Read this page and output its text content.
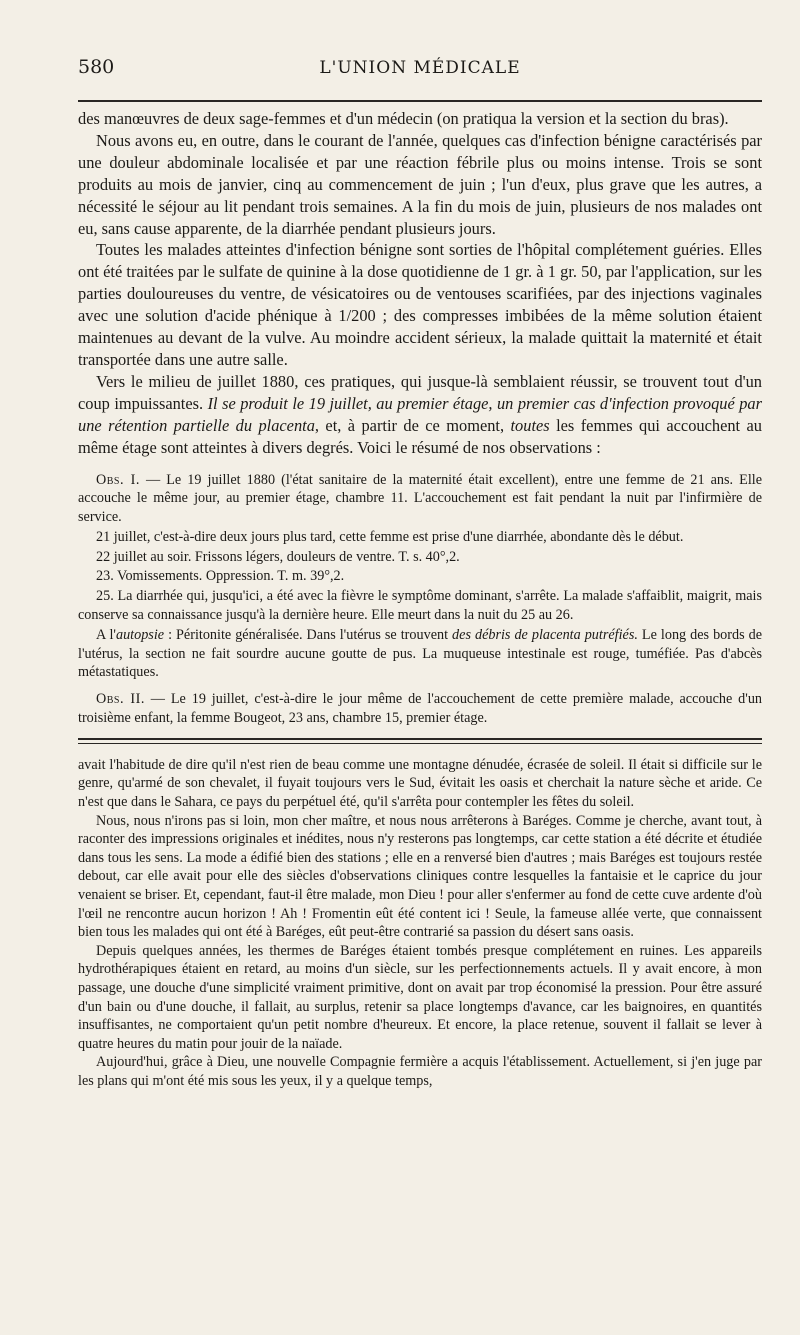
580	L'UNION MÉDICALE

des manœuvres de deux sage-femmes et d'un médecin (on pratiqua la version et la section du bras).

Nous avons eu, en outre, dans le courant de l'année, quelques cas d'infection bénigne caractérisés par une douleur abdominale localisée et par une réaction fébrile plus ou moins intense. Trois se sont produits au mois de janvier, cinq au commencement de juin ; l'un d'eux, plus grave que les autres, a nécessité le séjour au lit pendant trois semaines. A la fin du mois de juin, plusieurs de nos malades ont eu, sans cause apparente, de la diarrhée pendant plusieurs jours.

Toutes les malades atteintes d'infection bénigne sont sorties de l'hôpital complétement guéries. Elles ont été traitées par le sulfate de quinine à la dose quotidienne de 1 gr. à 1 gr. 50, par l'application, sur les parties douloureuses du ventre, de vésicatoires ou de ventouses scarifiées, par des injections vaginales avec une solution d'acide phénique à 1/200 ; des compresses imbibées de la même solution étaient maintenues au devant de la vulve. Au moindre accident sérieux, la malade quittait la maternité et était transportée dans une autre salle.

Vers le milieu de juillet 1880, ces pratiques, qui jusque-là semblaient réussir, se trouvent tout d'un coup impuissantes. Il se produit le 19 juillet, au premier étage, un premier cas d'infection provoqué par une rétention partielle du placenta, et, à partir de ce moment, toutes les femmes qui accouchent au même étage sont atteintes à divers degrés. Voici le résumé de nos observations :

Obs. I. — Le 19 juillet 1880 (l'état sanitaire de la maternité était excellent), entre une femme de 21 ans. Elle accouche le même jour, au premier étage, chambre 11. L'accouchement est fait pendant la nuit par l'infirmière de service.

21 juillet, c'est-à-dire deux jours plus tard, cette femme est prise d'une diarrhée, abondante dès le début.

22 juillet au soir. Frissons légers, douleurs de ventre. T. s. 40°,2.

23. Vomissements. Oppression. T. m. 39°,2.

25. La diarrhée qui, jusqu'ici, a été avec la fièvre le symptôme dominant, s'arrête. La malade s'affaiblit, maigrit, mais conserve sa connaissance jusqu'à la dernière heure. Elle meurt dans la nuit du 25 au 26.

A l'autopsie : Péritonite généralisée. Dans l'utérus se trouvent des débris de placenta putréfiés. Le long des bords de l'utérus, la section ne fait sourdre aucune goutte de pus. La muqueuse intestinale est rouge, tuméfiée. Pas d'abcès métastatiques.

Obs. II. — Le 19 juillet, c'est-à-dire le jour même de l'accouchement de cette première malade, accouche d'un troisième enfant, la femme Bougeot, 23 ans, chambre 15, premier étage.

avait l'habitude de dire qu'il n'est rien de beau comme une montagne dénudée, écrasée de soleil. Il était si difficile sur le genre, qu'armé de son chevalet, il fuyait toujours vers le Sud, évitait les oasis et cherchait la nature sèche et aride. Ce n'est que dans le Sahara, ce pays du perpétuel été, qu'il s'arrêta pour contempler les fêtes du soleil.

Nous, nous n'irons pas si loin, mon cher maître, et nous nous arrêterons à Baréges. Comme je cherche, avant tout, à raconter des impressions originales et inédites, nous n'y resterons pas longtemps, car cette station a été décrite et étudiée dans tous les sens. La mode a édifié bien des stations ; elle en a renversé bien d'autres ; mais Baréges est toujours restée debout, car elle avait pour elle des siècles d'observations cliniques contre lesquelles la fantaisie et le caprice du jour venaient se briser. Et, cependant, faut-il être malade, mon Dieu ! pour aller s'enfermer au fond de cette cuve ardente d'où l'œil ne rencontre aucun horizon ! Ah ! Fromentin eût été content ici ! Seule, la fameuse allée verte, que connaissent bien tous les malades qui ont été à Baréges, eût peut-être contrarié sa passion du désert sans oasis.

Depuis quelques années, les thermes de Baréges étaient tombés presque complétement en ruines. Les appareils hydrothérapiques étaient en retard, au moins d'un siècle, sur les perfectionnements actuels. Il y avait encore, à mon passage, une douche d'une simplicité vraiment primitive, dont on avait par trop économisé la pression. Pour être assuré d'un bain ou d'une douche, il fallait, au surplus, retenir sa place longtemps d'avance, car les baignoires, en quantités insuffisantes, ne comportaient qu'un petit nombre d'heureux. Et encore, la place retenue, souvent il fallait se lever à quatre heures du matin pour jouir de la naïade.

Aujourd'hui, grâce à Dieu, une nouvelle Compagnie fermière a acquis l'établissement. Actuellement, si j'en juge par les plans qui m'ont été mis sous les yeux, il y a quelque temps,
